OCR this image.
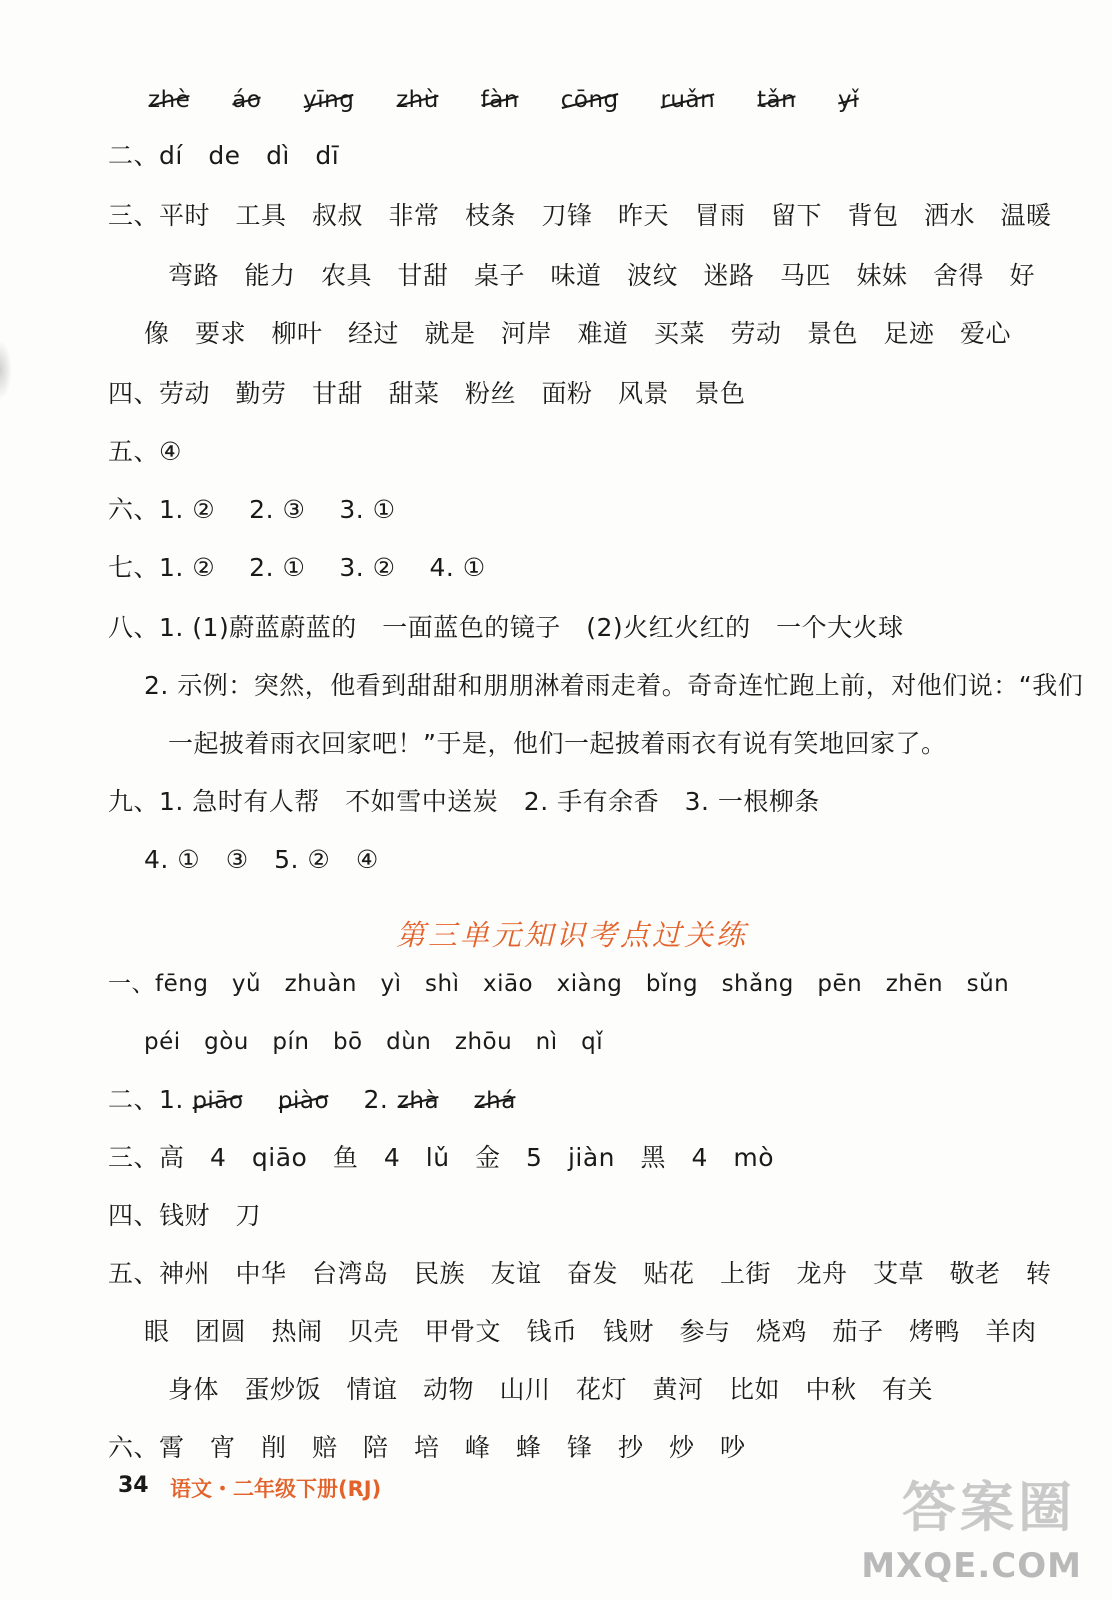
zhè áo yīng zhù fàn cōng ruǎn tǎn yǐ
二、dí　de　dì　dī
三、平时　工具　叔叔　非常　枝条　刀锋　昨天　冒雨　留下　背包　洒水　温暖
弯路　能力　农具　甘甜　桌子　味道　波纹　迷路　马匹　妹妹　舍得　好
像　要求　柳叶　经过　就是　河岸　难道　买菜　劳动　景色　足迹　爱心
四、劳动　勤劳　甘甜　甜菜　粉丝　面粉　风景　景色
五、④
六、1. ②　 2. ③　 3. ①
七、1. ②　 2. ①　 3. ②　 4. ①
八、1. (1)蔚蓝蔚蓝的　一面蓝色的镜子　(2)火红火红的　一个大火球
2. 示例：突然，他看到甜甜和朋朋淋着雨走着。奇奇连忙跑上前，对他们说：“我们
一起披着雨衣回家吧！”于是，他们一起披着雨衣有说有笑地回家了。
九、1. 急时有人帮　不如雪中送炭　2. 手有余香　3. 一根柳条
4. ①　③　5. ②　④
第三单元知识考点过关练
一、fēng　yǔ　zhuàn　yì　shì　xiāo　xiàng　bǐng　shǎng　pēn　zhēn　sǔn
péi　gòu　pín　bō　dùn　zhōu　nì　qǐ
二、1. piāo piào 2. zhà zhá
三、高　4　qiāo　鱼　4　lǔ　金　5　jiàn　黑　4　mò
四、钱财　刀
五、神州　中华　台湾岛　民族　友谊　奋发　贴花　上街　龙舟　艾草　敬老　转
眼　团圆　热闹　贝壳　甲骨文　钱币　钱财　参与　烧鸡　茄子　烤鸭　羊肉
身体　蛋炒饭　情谊　动物　山川　花灯　黄河　比如　中秋　有关
六、霄　宵　削　赔　陪　培　峰　蜂　锋　抄　炒　吵
34 语文・二年级下册(RJ)	答案圈
MXQE.COM
